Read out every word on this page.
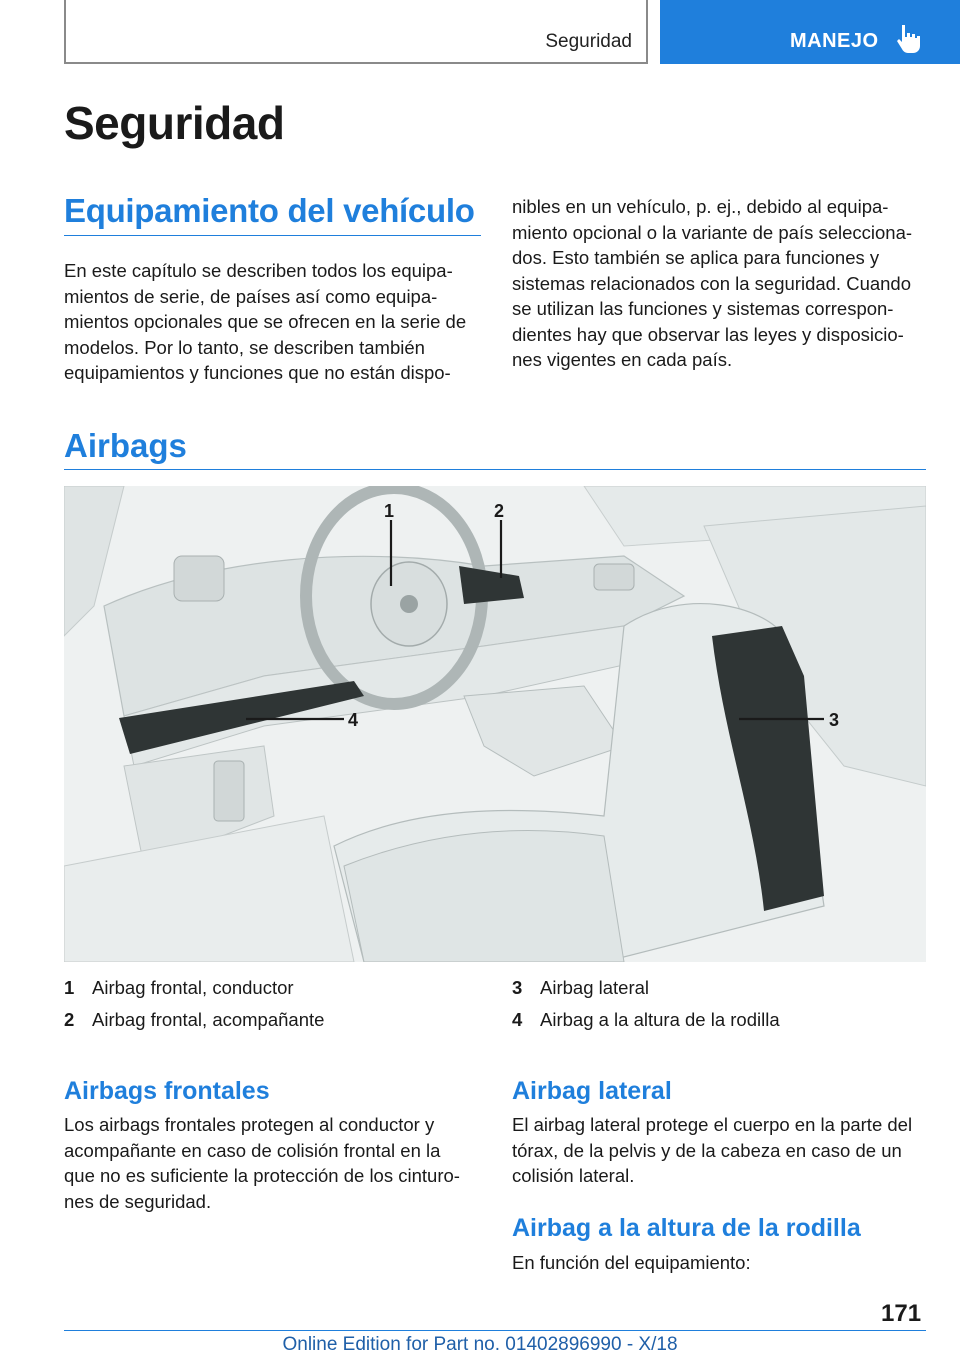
Seguridad	MANEJO
Seguridad
Equipamiento del vehículo

En este capítulo se describen todos los equipa‐
mientos de serie, de países así como equipa‐
mientos opcionales que se ofrecen en la serie de
modelos. Por lo tanto, se describen también
equipamientos y funciones que no están dispo‐

nibles en un vehículo, p. ej., debido al equipa‐
miento opcional o la variante de país selecciona‐
dos. Esto también se aplica para funciones y
sistemas relacionados con la seguridad. Cuando
se utilizan las funciones y sistemas correspon‐
dientes hay que observar las leyes y disposicio‐
nes vigentes en cada país.

Airbags
1	2
3
4
1 Airbag frontal, conductor
2 Airbag frontal, acompañante
3 Airbag lateral
4 Airbag a la altura de la rodilla
Airbags frontales

Los airbags frontales protegen al conductor y
acompañante en caso de colisión frontal en la
que no es suficiente la protección de los cinturo‐
nes de seguridad.

Airbag lateral

El airbag lateral protege el cuerpo en la parte del
tórax, de la pelvis y de la cabeza en caso de un
colisión lateral.

Airbag a la altura de la rodilla

En función del equipamiento:

171
Online Edition for Part no. 01402896990 - X/18
